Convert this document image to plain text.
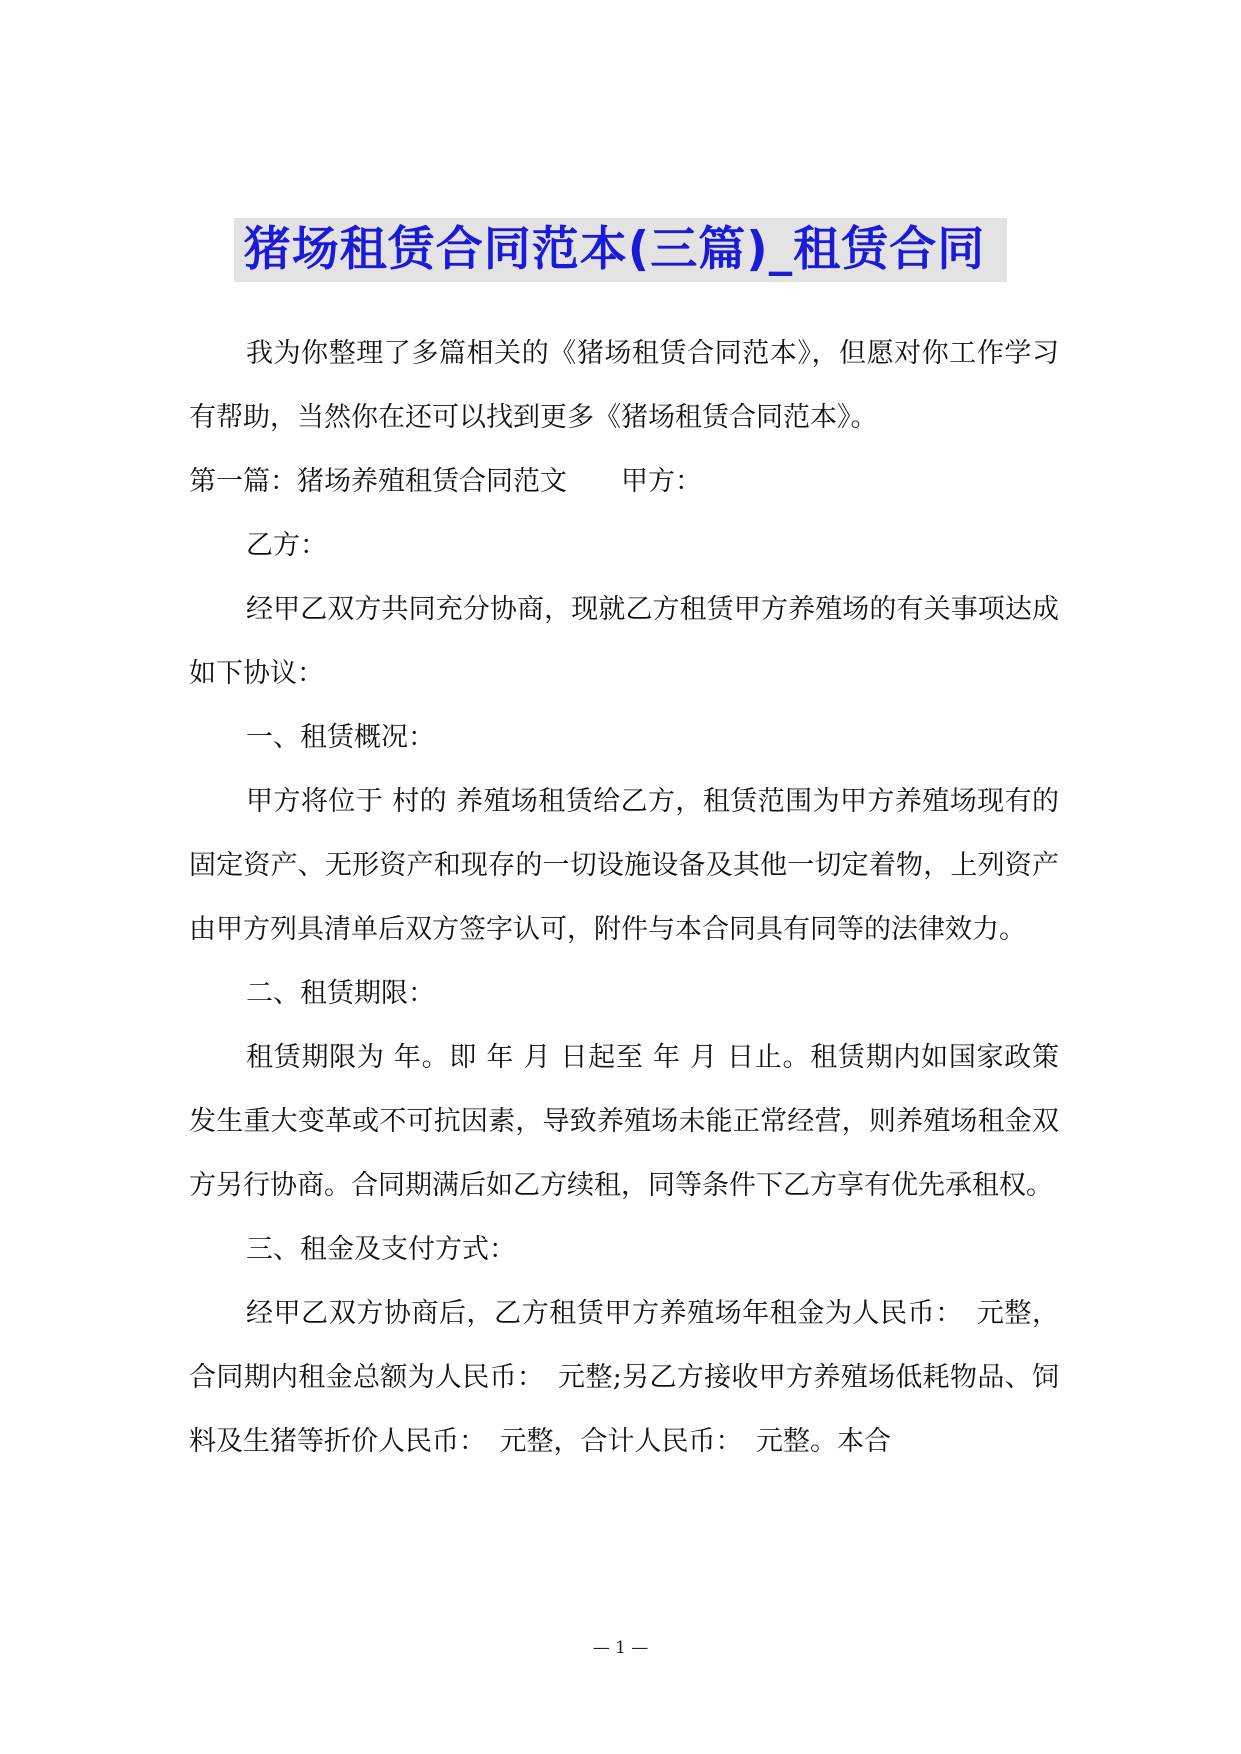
猪场租赁合同范本(三篇)_租赁合同

我为你整理了多篇相关的《猪场租赁合同范本》，但愿对你工作学习有帮助，当然你在还可以找到更多《猪场租赁合同范本》。

第一篇：猪场养殖租赁合同范文　　甲方：

乙方：

经甲乙双方共同充分协商，现就乙方租赁甲方养殖场的有关事项达成如下协议：

一、租赁概况：

甲方将位于 村的 养殖场租赁给乙方，租赁范围为甲方养殖场现有的固定资产、无形资产和现存的一切设施设备及其他一切定着物，上列资产由甲方列具清单后双方签字认可，附件与本合同具有同等的法律效力。

二、租赁期限：

租赁期限为 年。即 年 月 日起至 年 月 日止。租赁期内如国家政策发生重大变革或不可抗因素，导致养殖场未能正常经营，则养殖场租金双方另行协商。合同期满后如乙方续租，同等条件下乙方享有优先承租权。

三、租金及支付方式：

经甲乙双方协商后，乙方租赁甲方养殖场年租金为人民币：　元整，合同期内租金总额为人民币：　元整;另乙方接收甲方养殖场低耗物品、饲料及生猪等折价人民币：　元整，合计人民币：　元整。本合

— 1 —
